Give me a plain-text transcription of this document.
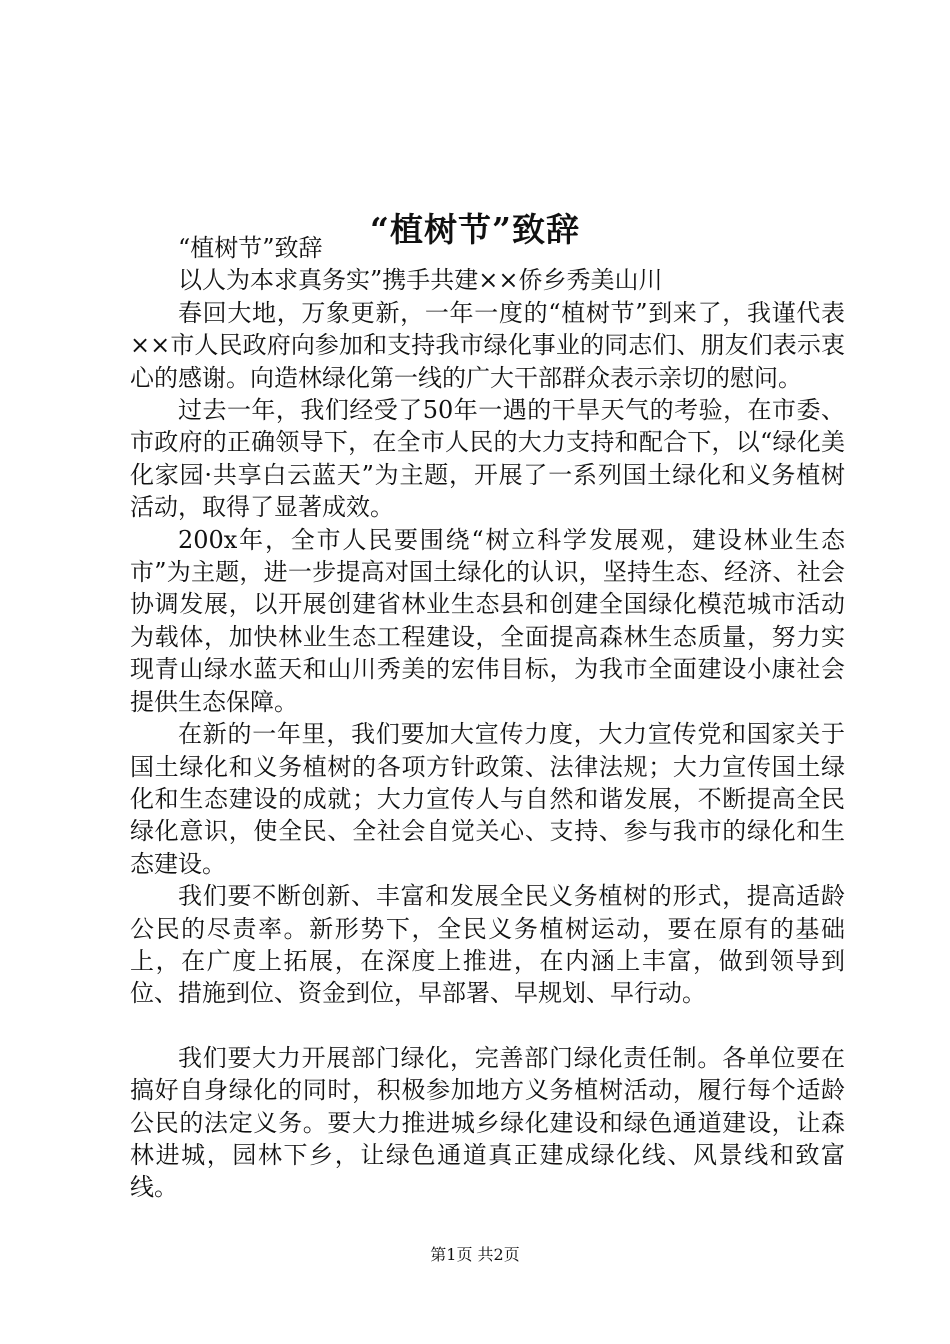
“植树节”致辞

“植树节”致辞

以人为本求真务实”携手共建××侨乡秀美山川

春回大地，万象更新，一年一度的“植树节”到来了，我谨代表××市人民政府向参加和支持我市绿化事业的同志们、朋友们表示衷心的感谢。向造林绿化第一线的广大干部群众表示亲切的慰问。

过去一年，我们经受了50年一遇的干旱天气的考验，在市委、市政府的正确领导下，在全市人民的大力支持和配合下，以“绿化美化家园·共享白云蓝天”为主题，开展了一系列国土绿化和义务植树活动，取得了显著成效。

200x年，全市人民要围绕“树立科学发展观，建设林业生态市”为主题，进一步提高对国土绿化的认识，坚持生态、经济、社会协调发展，以开展创建省林业生态县和创建全国绿化模范城市活动为载体，加快林业生态工程建设，全面提高森林生态质量，努力实现青山绿水蓝天和山川秀美的宏伟目标，为我市全面建设小康社会提供生态保障。

在新的一年里，我们要加大宣传力度，大力宣传党和国家关于国土绿化和义务植树的各项方针政策、法律法规；大力宣传国土绿化和生态建设的成就；大力宣传人与自然和谐发展，不断提高全民绿化意识，使全民、全社会自觉关心、支持、参与我市的绿化和生态建设。

我们要不断创新、丰富和发展全民义务植树的形式，提高适龄公民的尽责率。新形势下，全民义务植树运动，要在原有的基础上，在广度上拓展，在深度上推进，在内涵上丰富，做到领导到位、措施到位、资金到位，早部署、早规划、早行动。

我们要大力开展部门绿化，完善部门绿化责任制。各单位要在搞好自身绿化的同时，积极参加地方义务植树活动，履行每个适龄公民的法定义务。要大力推进城乡绿化建设和绿色通道建设，让森林进城，园林下乡，让绿色通道真正建成绿化线、风景线和致富线。

第1页 共2页
